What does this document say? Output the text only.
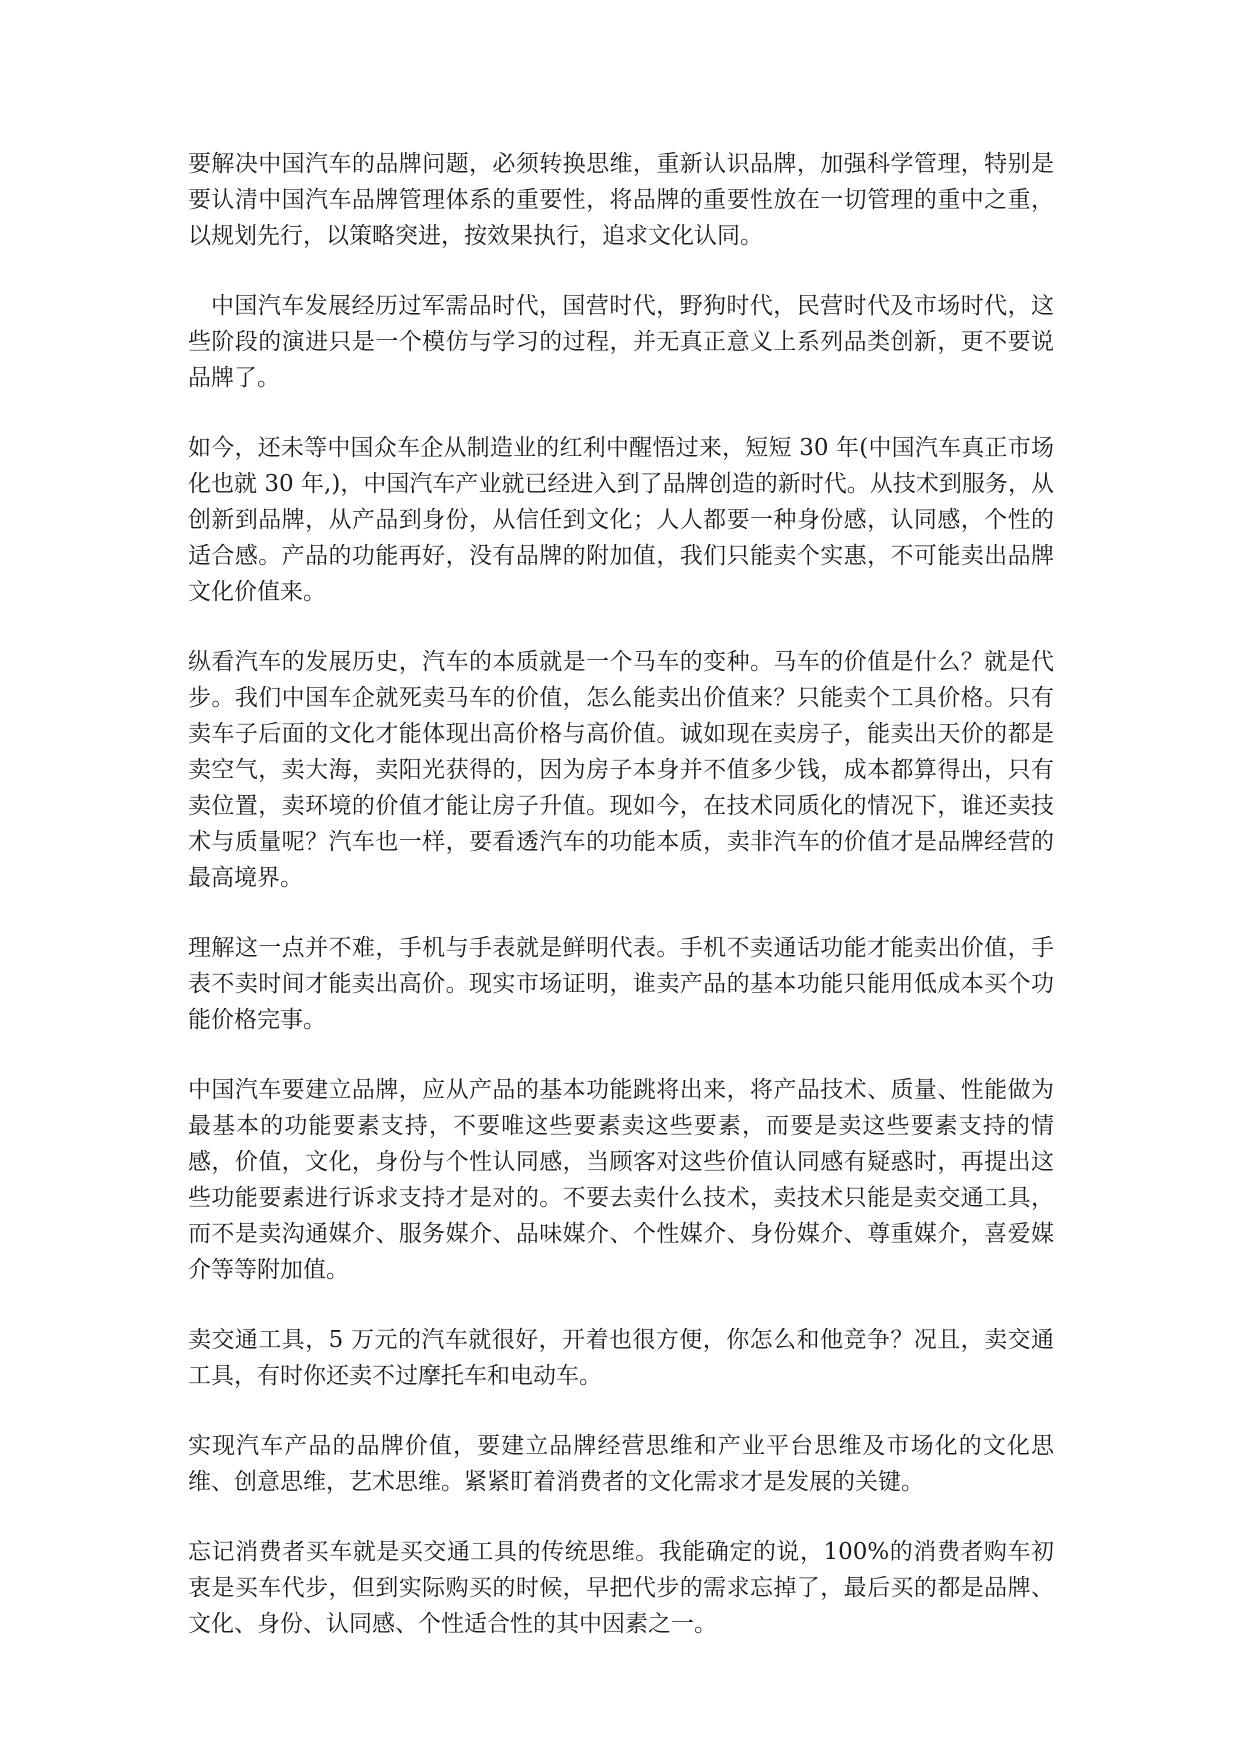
要解决中国汽车的品牌问题，必须转换思维，重新认识品牌，加强科学管理，特别是要认清中国汽车品牌管理体系的重要性，将品牌的重要性放在一切管理的重中之重，以规划先行，以策略突进，按效果执行，追求文化认同。

中国汽车发展经历过军需品时代，国营时代，野狗时代，民营时代及市场时代，这些阶段的演进只是一个模仿与学习的过程，并无真正意义上系列品类创新，更不要说品牌了。

如今，还未等中国众车企从制造业的红利中醒悟过来，短短 30 年(中国汽车真正市场化也就 30 年,)，中国汽车产业就已经进入到了品牌创造的新时代。从技术到服务，从创新到品牌，从产品到身份，从信任到文化；人人都要一种身份感，认同感，个性的适合感。产品的功能再好，没有品牌的附加值，我们只能卖个实惠，不可能卖出品牌文化价值来。

纵看汽车的发展历史，汽车的本质就是一个马车的变种。马车的价值是什么？就是代步。我们中国车企就死卖马车的价值，怎么能卖出价值来？只能卖个工具价格。只有卖车子后面的文化才能体现出高价格与高价值。诚如现在卖房子，能卖出天价的都是卖空气，卖大海，卖阳光获得的，因为房子本身并不值多少钱，成本都算得出，只有卖位置，卖环境的价值才能让房子升值。现如今，在技术同质化的情况下，谁还卖技术与质量呢？汽车也一样，要看透汽车的功能本质，卖非汽车的价值才是品牌经营的最高境界。

理解这一点并不难，手机与手表就是鲜明代表。手机不卖通话功能才能卖出价值，手表不卖时间才能卖出高价。现实市场证明，谁卖产品的基本功能只能用低成本买个功能价格完事。

中国汽车要建立品牌，应从产品的基本功能跳将出来，将产品技术、质量、性能做为最基本的功能要素支持，不要唯这些要素卖这些要素，而要是卖这些要素支持的情感，价值，文化，身份与个性认同感，当顾客对这些价值认同感有疑惑时，再提出这些功能要素进行诉求支持才是对的。不要去卖什么技术，卖技术只能是卖交通工具，而不是卖沟通媒介、服务媒介、品味媒介、个性媒介、身份媒介、尊重媒介，喜爱媒介等等附加值。

卖交通工具，5 万元的汽车就很好，开着也很方便，你怎么和他竞争？况且，卖交通工具，有时你还卖不过摩托车和电动车。

实现汽车产品的品牌价值，要建立品牌经营思维和产业平台思维及市场化的文化思维、创意思维，艺术思维。紧紧盯着消费者的文化需求才是发展的关键。

忘记消费者买车就是买交通工具的传统思维。我能确定的说，100%的消费者购车初衷是买车代步，但到实际购买的时候，早把代步的需求忘掉了，最后买的都是品牌、文化、身份、认同感、个性适合性的其中因素之一。
